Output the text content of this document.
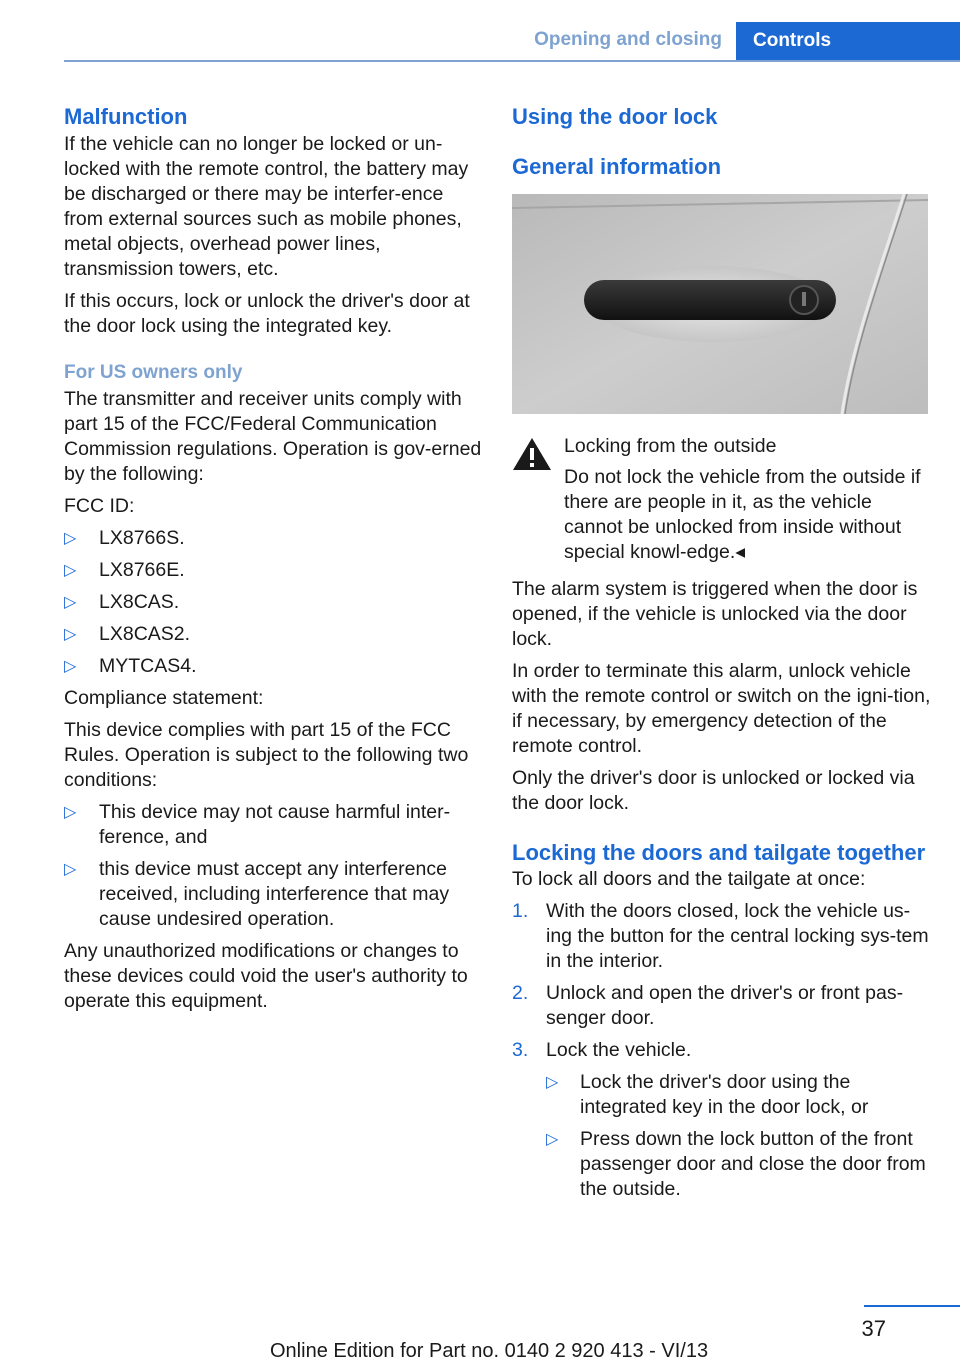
Opening and closing	Controls
Malfunction

If the vehicle can no longer be locked or un-locked with the remote control, the battery may be discharged or there may be interfer-ence from external sources such as mobile phones, metal objects, overhead power lines, transmission towers, etc.

If this occurs, lock or unlock the driver's door at the door lock using the integrated key.

For US owners only

The transmitter and receiver units comply with part 15 of the FCC/Federal Communication Commission regulations. Operation is gov-erned by the following:

FCC ID:

▷ LX8766S.
▷ LX8766E.
▷ LX8CAS.
▷ LX8CAS2.
▷ MYTCAS4.

Compliance statement:

This device complies with part 15 of the FCC Rules. Operation is subject to the following two conditions:

▷ This device may not cause harmful inter-ference, and
▷ this device must accept any interference received, including interference that may cause undesired operation.

Any unauthorized modifications or changes to these devices could void the user's authority to operate this equipment.

Using the door lock
General information
Locking from the outside
Do not lock the vehicle from the outside if there are people in it, as the vehicle cannot be unlocked from inside without special knowl-edge.◂

The alarm system is triggered when the door is opened, if the vehicle is unlocked via the door lock.

In order to terminate this alarm, unlock vehicle with the remote control or switch on the igni-tion, if necessary, by emergency detection of the remote control.

Only the driver's door is unlocked or locked via the door lock.

Locking the doors and tailgate together

To lock all doors and the tailgate at once:

1. With the doors closed, lock the vehicle us-ing the button for the central locking sys-tem in the interior.
2. Unlock and open the driver's or front pas-senger door.
3. Lock the vehicle.
▷ Lock the driver's door using the integrated key in the door lock, or
▷ Press down the lock button of the front passenger door and close the door from the outside.
37
Online Edition for Part no. 0140 2 920 413 - VI/13
